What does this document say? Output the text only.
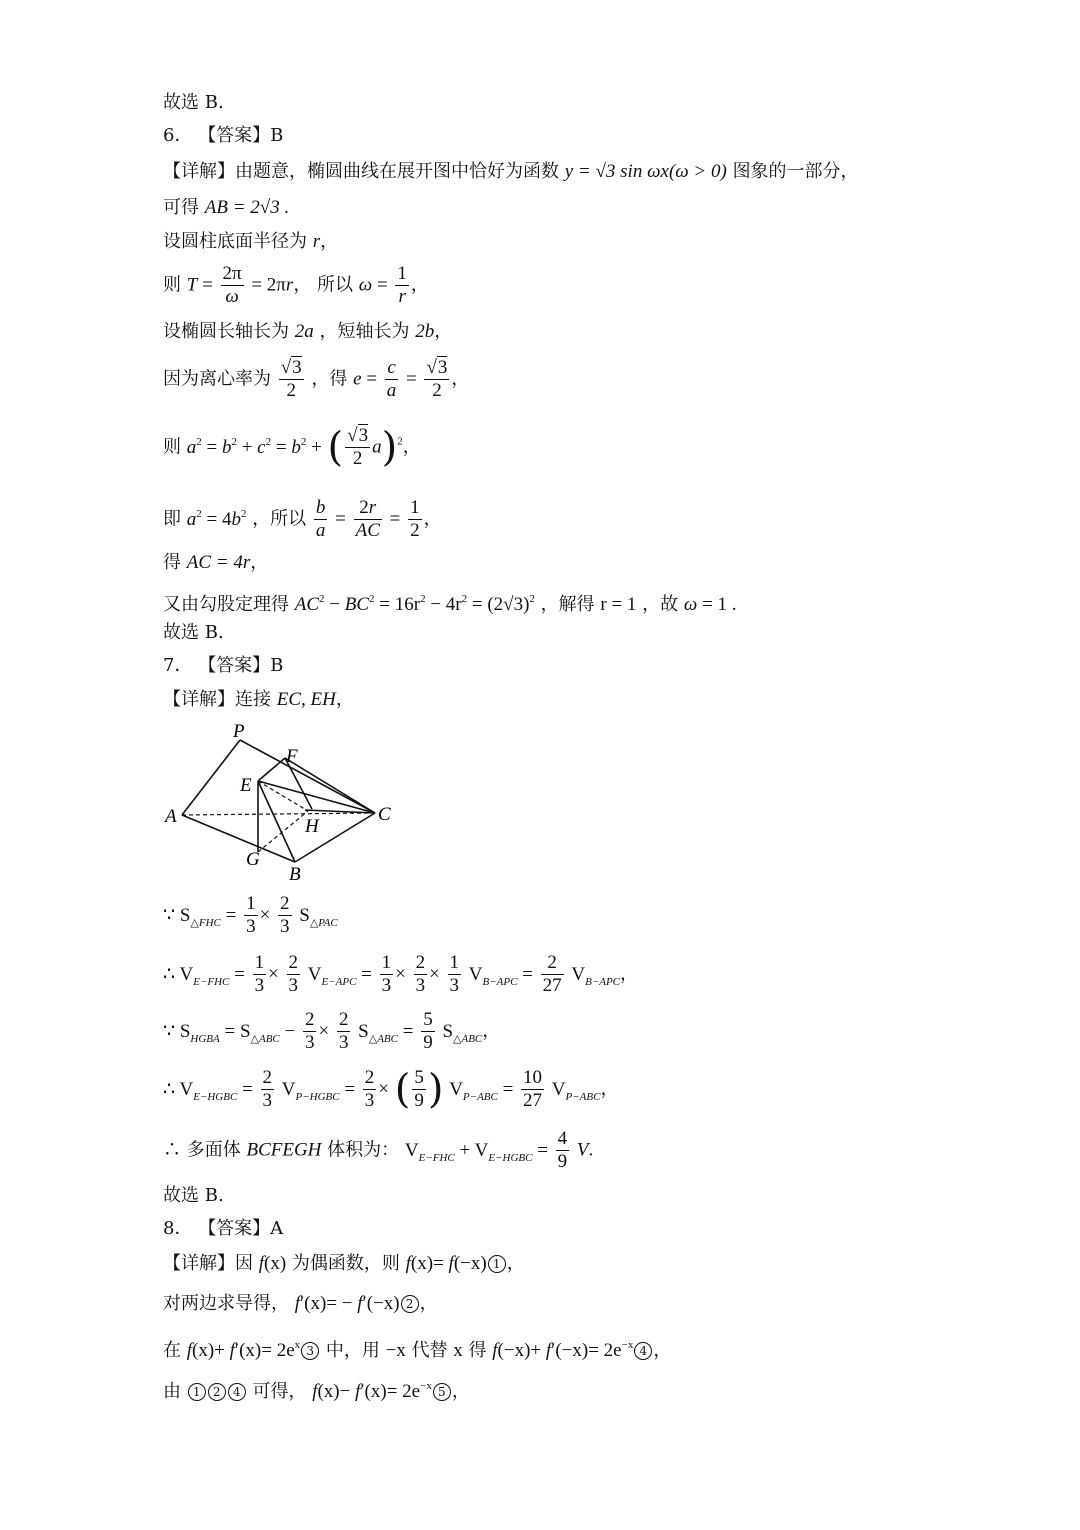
故选 B.
6． 【答案】B
【详解】由题意，椭圆曲线在展开图中恰好为函数 y = √3 sin ωx(ω > 0) 图象的一部分，
可得 AB = 2√3 .
设圆柱底面半径为 r，
则 $T = \frac{2\pi}{\omega} = 2\pi r$， 所以 $\omega = \frac{1}{r}$ ，
设椭圆长轴长为 2a ，短轴长为 2b，
因为离心率为 $\frac{√3}{2}$ ，得 $e = \frac{c}{a} = \frac{√3}{2}$ ，
则 $a^2 = b^2 + c^2 = b^2$ + ( $\frac{√3}{2} a)^2$，
即 $a^2 = 4b^2$ ，所以 $\frac{b}{a} = \frac{2r}{AC} = \frac{1}{2}$ ，
得 AC = 4r，
又由勾股定理得 $AC^2 - BC^2 = 16r^2 - 4r^2 = (2√3)^2$ ，解得 r = 1 ，故 ω = 1 .
故选 B.
7． 【答案】B
【详解】连接 EC, EH，
P
F
E
A	H
C
G
B
∵ $S_{\triangle FHC} = \frac{1}{3} \times \frac{2}{3} S_{\triangle PAC}$
∴ $V_{E-FHC} = \frac{1}{3} \times \frac{2}{3} V_{E-APC} = \frac{1}{3} \times \frac{2}{3} \times \frac{1}{3} V_{B-APC} = \frac{2}{27} V_{B-APC}$，
∵ $S_{HGBA} = S_{\triangle ABC} - \frac{2}{3} \times \frac{2}{3} S_{\triangle ABC} = \frac{5}{9} S_{\triangle ABC}$，
∴ $V_{E-HGBC} = \frac{2}{3} V_{P-HGBC} = \frac{2}{3}$ × ( $\frac{5}{9}$ ) $V_{P-ABC} = \frac{10}{27} V_{P-ABC}$，
∴ 多面体 BCFEGH 体积为： $V_{E-FHC} + V_{E-HGBC} = \frac{4}{9} V$.
故选 B.
8． 【答案】A
【详解】因 f(x) 为偶函数，则 f(x)= f(−x) 1 ，
对两边求导得， f′(x)= − f′(−x) 2 ，
在 $f(x)+ f'(x)= 2e^x$ 3 中，用 −x 代替 x 得 $f(-x)+ f'(-x)= 2e^{-x}$ 4 ，
由 1 2 4 可得， $f(x)- f'(x)= 2e^{-x}$ 5 ，
